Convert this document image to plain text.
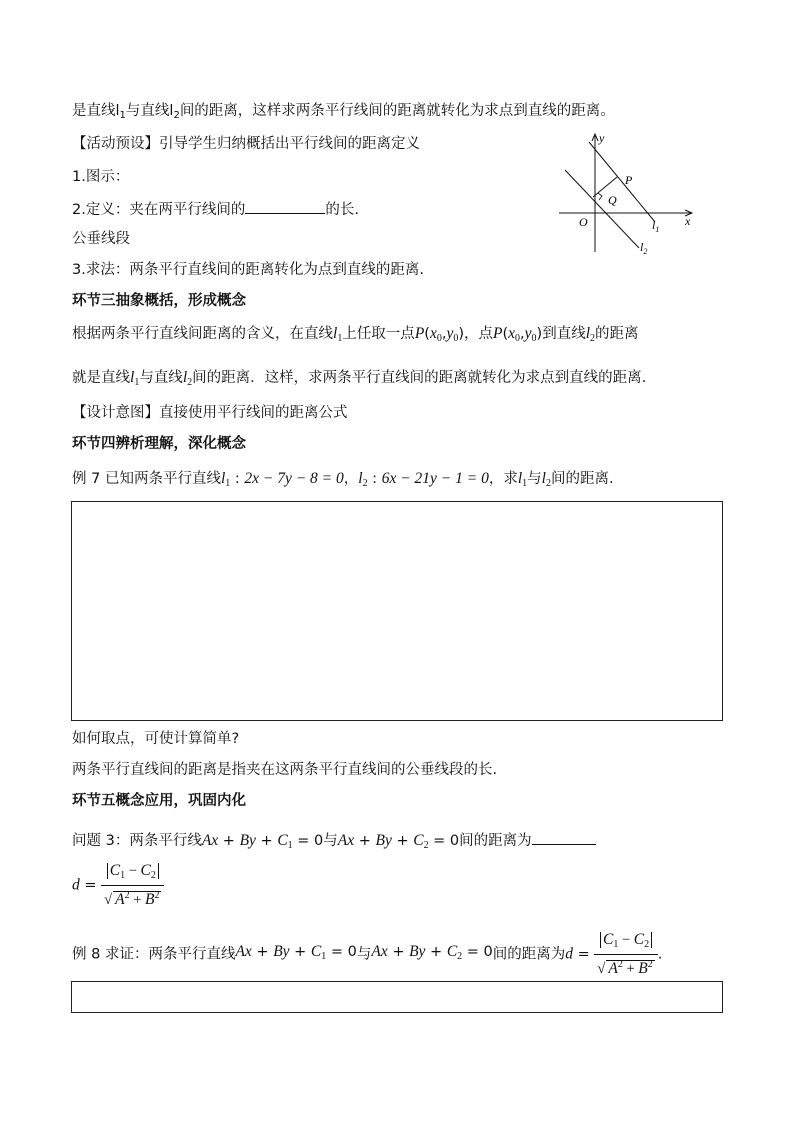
是直线$l_1$与直线$l_2$间的距离，这样求两条平行线间的距离就转化为求点到直线的距离。
【活动预设】引导学生归纳概括出平行线间的距离定义
1.图示：
2.定义：夹在两平行线间的	的长.
公垂线段
3.求法：两条平行直线间的距离转化为点到直线的距离.
环节三抽象概括，形成概念
y
x
O
P
Q
$l_1$
$l_2$
根据两条平行直线间距离的含义，在直线$l_1$上任取一点$P(x_0,y_0)$，点$P(x_0,y_0)$到直线$l_2$的距离
就是直线$l_1$与直线$l_2$间的距离．这样，求两条平行直线间的距离就转化为求点到直线的距离.
【设计意图】直接使用平行线间的距离公式
环节四辨析理解，深化概念
例 7 已知两条平行直线$l_1$ : 2x − 7y − 8 = 0，$l_2$ : 6x − 21y − 1 = 0，求$l_1$与$l_2$间的距离.
如何取点，可使计算简单?
两条平行直线间的距离是指夹在这两条平行直线间的公垂线段的长.
环节五概念应用，巩固内化
问题 3：两条平行线$Ax + By + C_1 = 0$与$Ax + By + C_2 = 0$间的距离为
$d = \frac{C_1 - C_2}{√ A^2 + B^2}$
例 8 求证：两条平行直线$Ax + By + C_1 = 0$与$Ax + By + C_2 = 0$间的距离为$d = \frac{C_1 - C_2}{√ A^2 + B^2}$ .
